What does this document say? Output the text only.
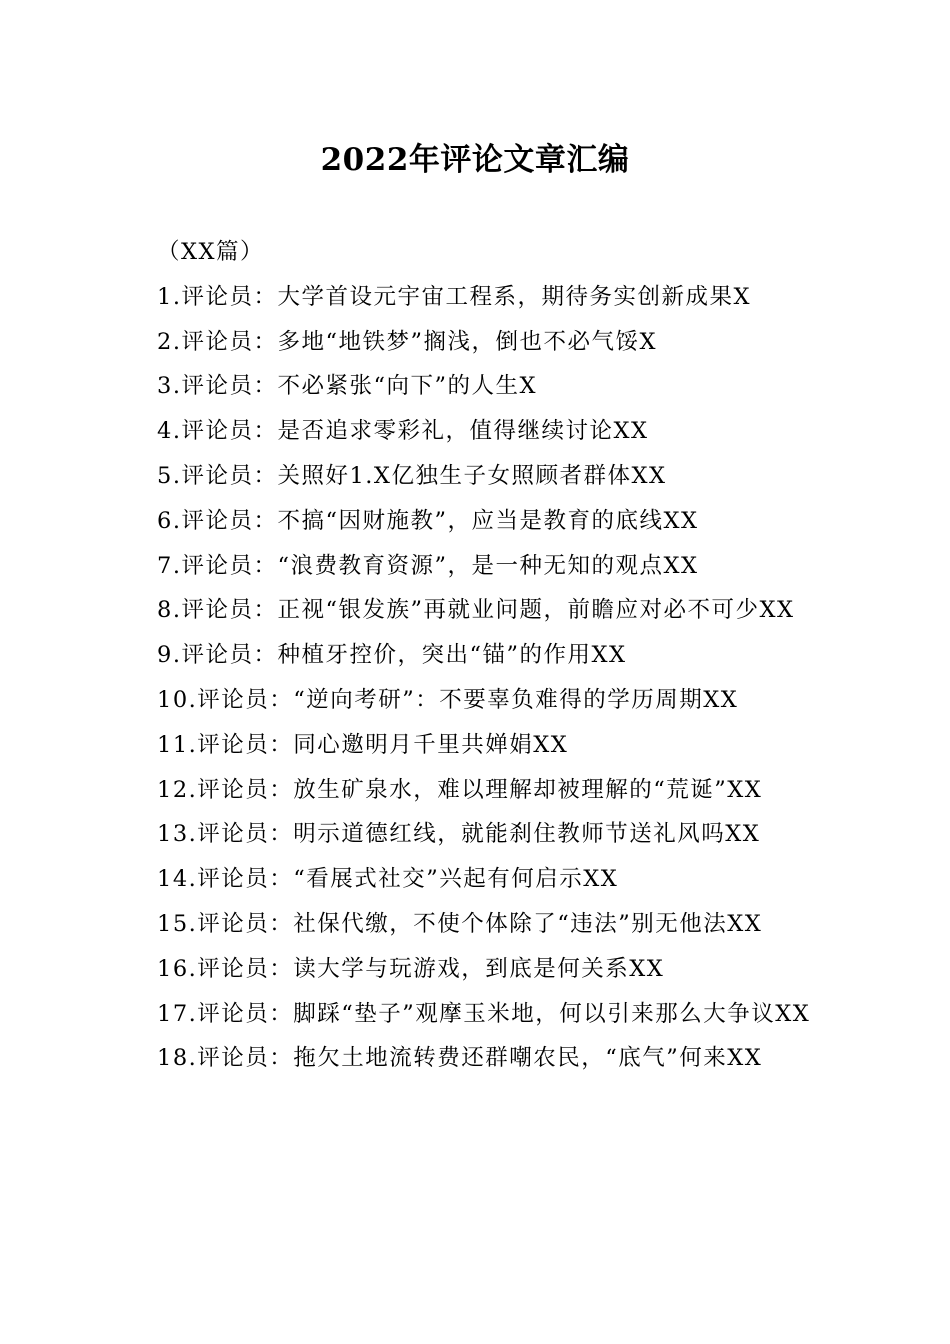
2022年评论文章汇编

（XX篇）

1.评论员：大学首设元宇宙工程系，期待务实创新成果X

2.评论员：多地“地铁梦”搁浅，倒也不必气馁X

3.评论员：不必紧张“向下”的人生X

4.评论员：是否追求零彩礼，值得继续讨论XX

5.评论员：关照好1.X亿独生子女照顾者群体XX

6.评论员：不搞“因财施教”，应当是教育的底线XX

7.评论员：“浪费教育资源”，是一种无知的观点XX

8.评论员：正视“银发族”再就业问题，前瞻应对必不可少XX

9.评论员：种植牙控价，突出“锚”的作用XX

10.评论员：“逆向考研”：不要辜负难得的学历周期XX

11.评论员：同心邀明月千里共婵娟XX

12.评论员：放生矿泉水，难以理解却被理解的“荒诞”XX

13.评论员：明示道德红线，就能刹住教师节送礼风吗XX

14.评论员：“看展式社交”兴起有何启示XX

15.评论员：社保代缴，不使个体除了“违法”别无他法XX

16.评论员：读大学与玩游戏，到底是何关系XX

17.评论员：脚踩“垫子”观摩玉米地，何以引来那么大争议XX

18.评论员：拖欠土地流转费还群嘲农民，“底气”何来XX
